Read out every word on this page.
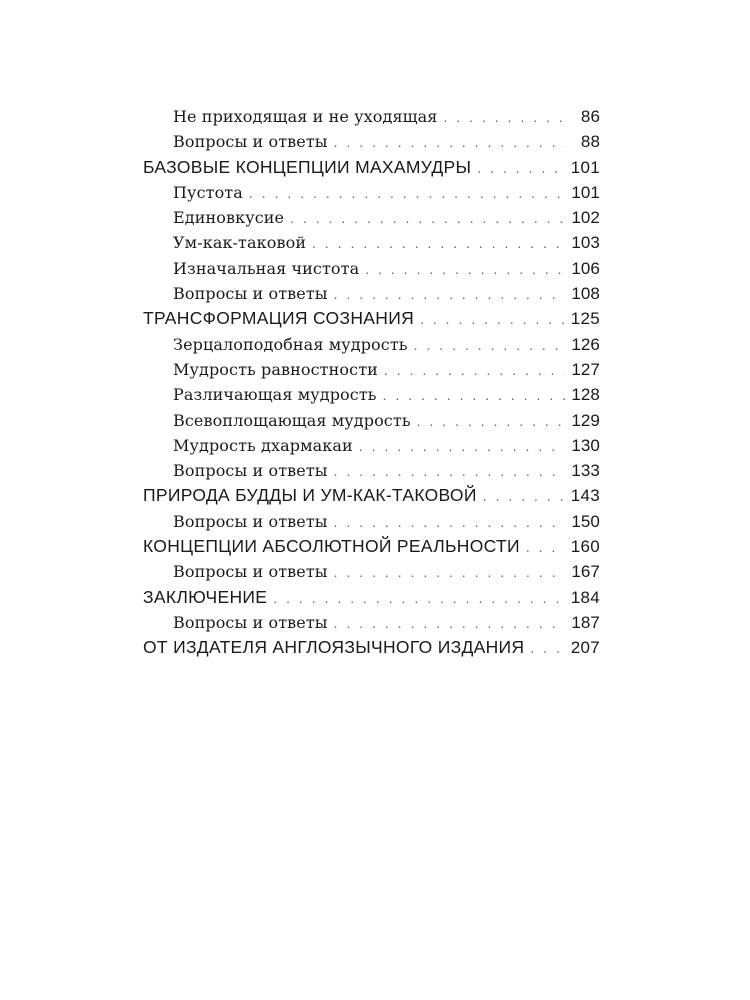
Не приходящая и не уходящая . . .	86
Вопросы и ответы . . .	88
БАЗОВЫЕ КОНЦЕПЦИИ МАХАМУДРЫ . . .	101
Пустота . . .	101
Единовкусие . . .	102
Ум-как-таковой . . .	103
Изначальная чистота . . .	106
Вопросы и ответы . . .	108
ТРАНСФОРМАЦИЯ СОЗНАНИЯ . . .	125
Зерцалоподобная мудрость . . .	126
Мудрость равностности . . .	127
Различающая мудрость . . .	128
Всевоплощающая мудрость . . .	129
Мудрость дхармакаи . . .	130
Вопросы и ответы . . .	133
ПРИРОДА БУДДЫ И УМ-КАК-ТАКОВОЙ . . .	143
Вопросы и ответы . . .	150
КОНЦЕПЦИИ АБСОЛЮТНОЙ РЕАЛЬНОСТИ . . .	160
Вопросы и ответы . . .	167
ЗАКЛЮЧЕНИЕ . . .	184
Вопросы и ответы . . .	187
ОТ ИЗДАТЕЛЯ АНГЛОЯЗЫЧНОГО ИЗДАНИЯ . . .	207
